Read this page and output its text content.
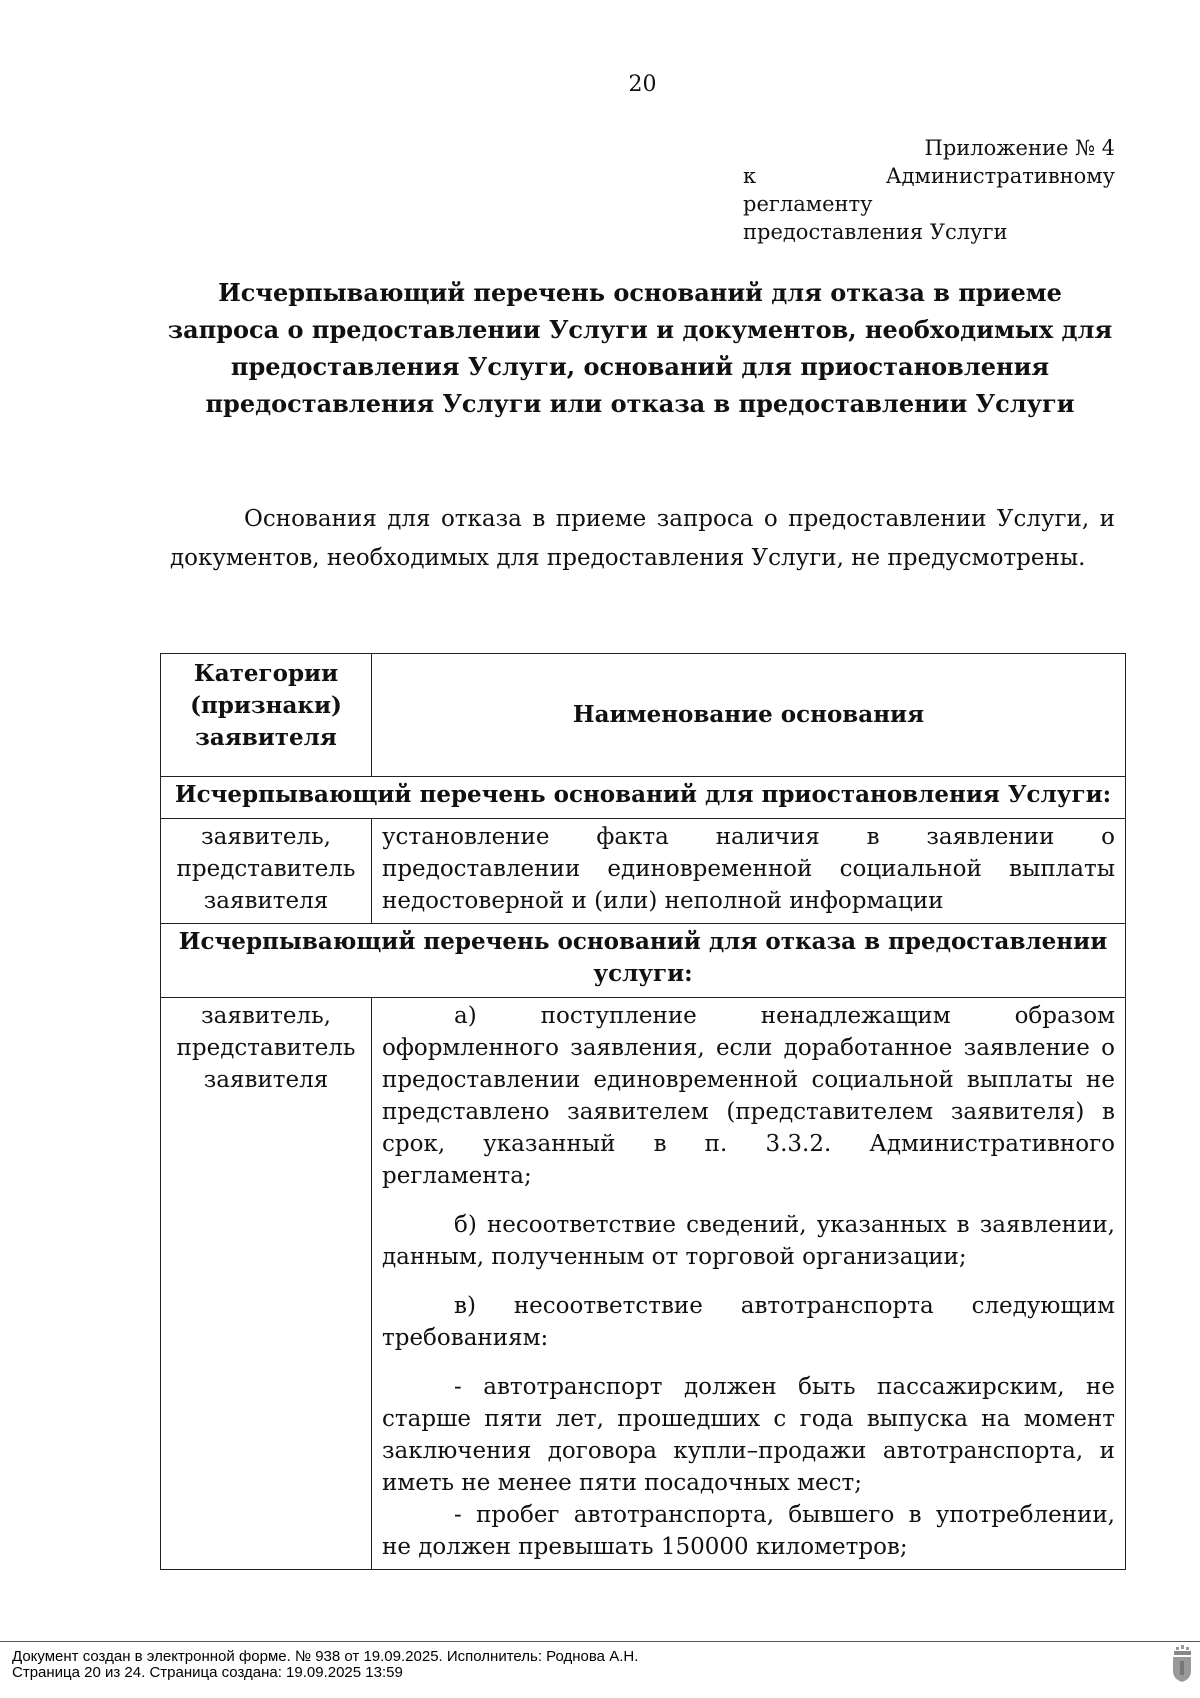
20
Приложение № 4
к Административному регламенту
предоставления Услуги
Исчерпывающий перечень оснований для отказа в приеме запроса о предоставлении Услуги и документов, необходимых для предоставления Услуги, оснований для приостановления предоставления Услуги или отказа в предоставлении Услуги
Основания для отказа в приеме запроса о предоставлении Услуги, и
документов, необходимых для предоставления Услуги, не предусмотрены.
Категории (признаки) заявителя	Наименование основания
Исчерпывающий перечень оснований для приостановления Услуги:	
заявитель, представитель заявителя	установление факта наличия в заявлении о предоставлении единовременной социальной выплаты недостоверной и (или) неполной информации

Исчерпывающий перечень оснований для отказа в предоставлении услуги:	
заявитель, представитель заявителя	а) поступление ненадлежащим образом оформленного заявления, если доработанное заявление о предоставлении единовременной социальной выплаты не представлено заявителем (представителем заявителя) в срок, указанный в п. 3.3.2. Административного регламента;
б) несоответствие сведений, указанных в заявлении, данным, полученным от торговой организации;
в) несоответствие автотранспорта следующим требованиям:
- автотранспорт должен быть пассажирским, не старше пяти лет, прошедших с года выпуска на момент заключения договора купли–продажи автотранспорта, и иметь не менее пяти посадочных мест;
- пробег автотранспорта, бывшего в употреблении, не должен превышать 150000 километров;
Документ создан в электронной форме. № 938 от 19.09.2025. Исполнитель: Роднова А.Н.
Страница 20 из 24. Страница создана: 19.09.2025 13:59
